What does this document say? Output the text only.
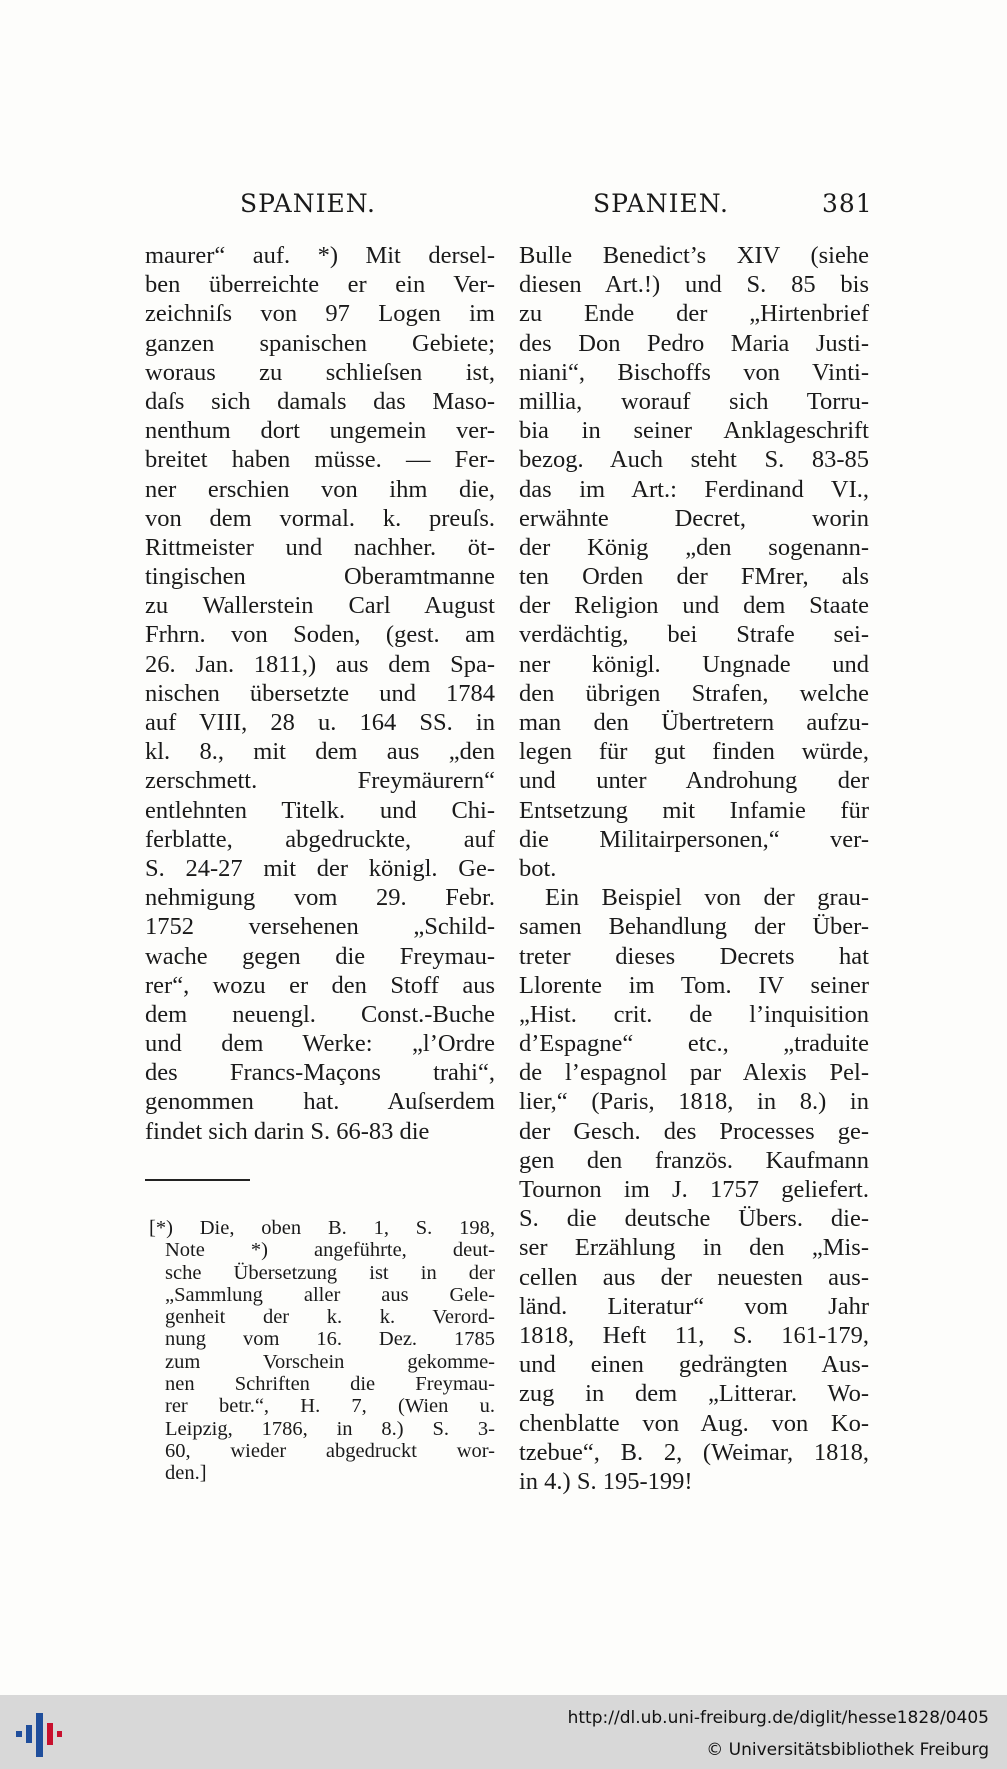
SPANIEN.	SPANIEN.	381
maurer“ auf. *) Mit dersel-
ben überreichte er ein Ver-
zeichniſs von 97 Logen im
ganzen spanischen Gebiete;
woraus zu schlieſsen ist,
daſs sich damals das Maso-
nenthum dort ungemein ver-
breitet haben müsse. — Fer-
ner erschien von ihm die,
von dem vormal. k. preuſs.
Rittmeister und nachher. öt-
tingischen Oberamtmanne
zu Wallerstein Carl August
Frhrn. von Soden, (gest. am
26. Jan. 1811,) aus dem Spa-
nischen übersetzte und 1784
auf VIII, 28 u. 164 SS. in
kl. 8., mit dem aus „den
zerschmett. Freymäurern“
entlehnten Titelk. und Chi-
ferblatte, abgedruckte, auf
S. 24-27 mit der königl. Ge-
nehmigung vom 29. Febr.
1752 versehenen „Schild-
wache gegen die Freymau-
rer“, wozu er den Stoff aus
dem neuengl. Const.-Buche
und dem Werke: „l’Ordre
des Francs-Maçons trahi“,
genommen hat. Auſserdem
findet sich darin S. 66-83 die
Bulle Benedict’s XIV (siehe
diesen Art.!) und S. 85 bis
zu Ende der „Hirtenbrief
des Don Pedro Maria Justi-
niani“, Bischoffs von Vinti-
millia, worauf sich Torru-
bia in seiner Anklageschrift
bezog. Auch steht S. 83-85
das im Art.: Ferdinand VI.,
erwähnte Decret, worin
der König „den sogenann-
ten Orden der FMrer, als
der Religion und dem Staate
verdächtig, bei Strafe sei-
ner königl. Ungnade und
den übrigen Strafen, welche
man den Übertretern aufzu-
legen für gut finden würde,
und unter Androhung der
Entsetzung mit Infamie für
die Militairpersonen,“ ver-
bot.
Ein Beispiel von der grau-
samen Behandlung der Über-
treter dieses Decrets hat
Llorente im Tom. IV seiner
„Hist. crit. de l’inquisition
d’Espagne“ etc., „traduite
de l’espagnol par Alexis Pel-
lier,“ (Paris, 1818, in 8.) in
der Gesch. des Processes ge-
gen den französ. Kaufmann
Tournon im J. 1757 geliefert.
S. die deutsche Übers. die-
ser Erzählung in den „Mis-
cellen aus der neuesten aus-
länd. Literatur“ vom Jahr
1818, Heft 11, S. 161-179,
und einen gedrängten Aus-
zug in dem „Litterar. Wo-
chenblatte von Aug. von Ko-
tzebue“, B. 2, (Weimar, 1818,
in 4.) S. 195-199!
[*) Die, oben B. 1, S. 198,
Note *) angeführte, deut-
sche Übersetzung ist in der
„Sammlung aller aus Gele-
genheit der k. k. Verord-
nung vom 16. Dez. 1785
zum Vorschein gekomme-
nen Schriften die Freymau-
rer betr.“, H. 7, (Wien u.
Leipzig, 1786, in 8.) S. 3-
60, wieder abgedruckt wor-
den.]
http://dl.ub.uni-freiburg.de/diglit/hesse1828/0405
© Universitätsbibliothek Freiburg
